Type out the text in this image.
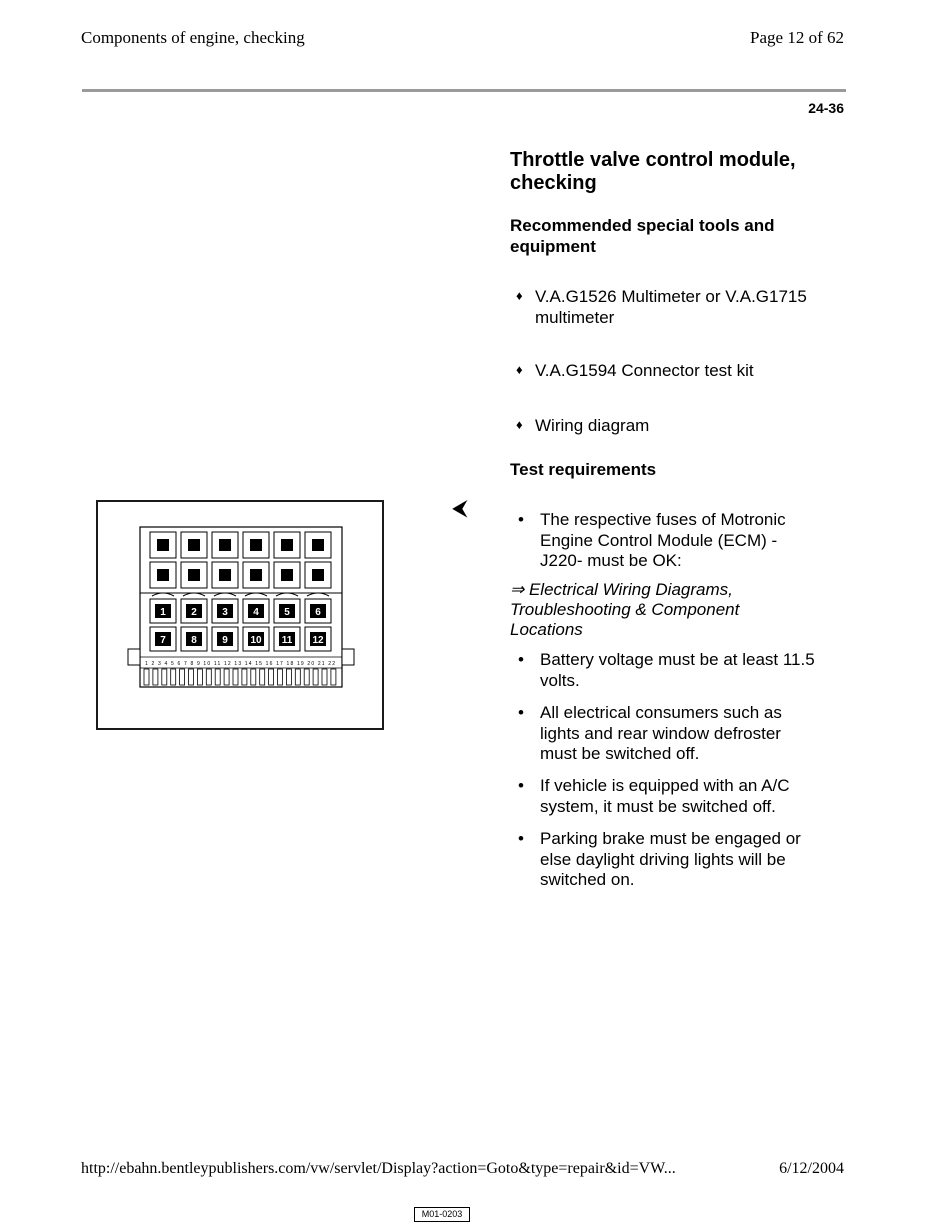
Components of engine, checking	Page 12 of 62
24-36
Throttle valve control module, checking
Recommended special tools and equipment
♦ V.A.G1526 Multimeter or V.A.G1715 multimeter
♦ V.A.G1594 Connector test kit
♦ Wiring diagram
Test requirements
⮜	• The respective fuses of Motronic Engine Control Module (ECM) - J220- must be OK:
⇒ Electrical Wiring Diagrams, Troubleshooting & Component Locations
• Battery voltage must be at least 11.5 volts.
• All electrical consumers such as lights and rear window defroster must be switched off.
• If vehicle is equipped with an A/C system, it must be switched off.
• Parking brake must be engaged or else daylight driving lights will be switched on.
1	2	3	4	5	6
7	8	9 10 11 12
1 2 3 4 5 6 7 8 9 10 11 12 13 14 15 16 17 18 19 20 21 22
M01-0203
http://ebahn.bentleypublishers.com/vw/servlet/Display?action=Goto&type=repair&id=VW...	6/12/2004
